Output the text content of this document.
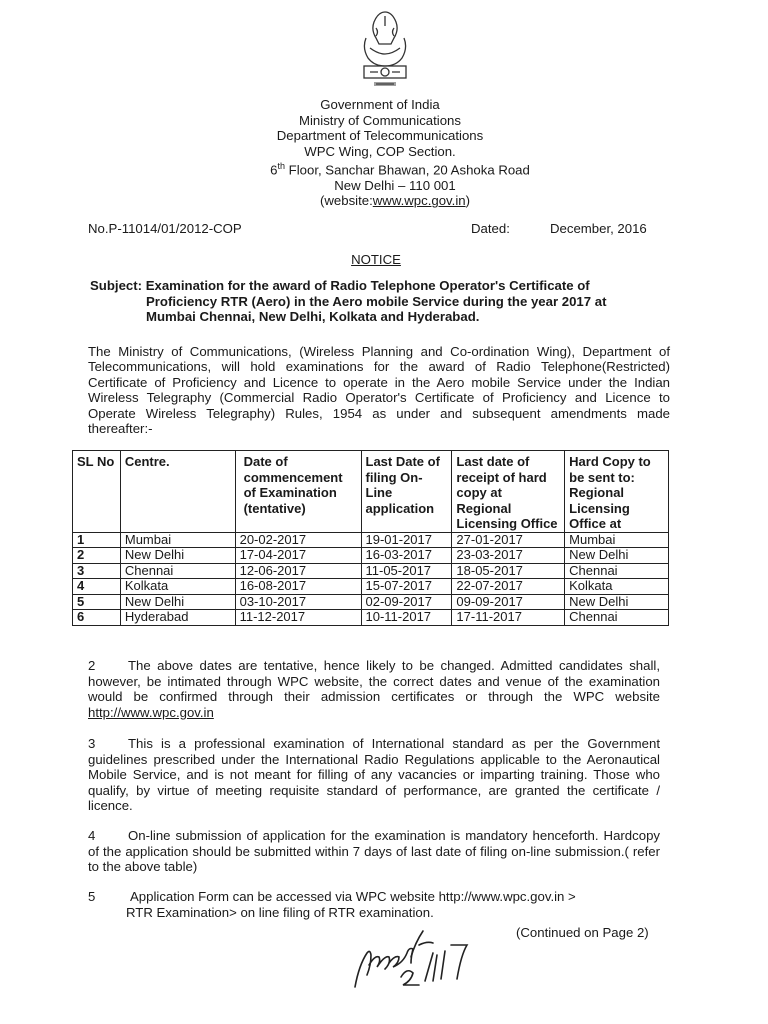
Government of India
Ministry of Communications
Department of Telecommunications
WPC Wing, COP Section.
6th Floor, Sanchar Bhawan, 20 Ashoka Road
New Delhi – 110 001
(website:www.wpc.gov.in)
No.P-11014/01/2012-COP	Dated:	December, 2016
NOTICE
Subject: Examination for the award of Radio Telephone Operator's Certificate of
Proficiency RTR (Aero) in the Aero mobile Service during the year 2017 at
Mumbai Chennai, New Delhi, Kolkata and Hyderabad.
The Ministry of Communications, (Wireless Planning and Co-ordination Wing), Department of Telecommunications, will hold examinations for the award of Radio Telephone(Restricted) Certificate of Proficiency and Licence to operate in the Aero mobile Service under the Indian Wireless Telegraphy (Commercial Radio Operator's Certificate of Proficiency and Licence to Operate Wireless Telegraphy) Rules, 1954 as under and subsequent amendments made thereafter:-
SL No	Centre.	Date of commencement of Examination (tentative)	Last Date of filing On-Line application	Last date of receipt of hard copy at Regional Licensing Office	Hard Copy to be sent to: Regional Licensing Office at
1	Mumbai	20-02-2017	19-01-2017	27-01-2017	Mumbai
2	New Delhi	17-04-2017	16-03-2017	23-03-2017	New Delhi
3	Chennai	12-06-2017	11-05-2017	18-05-2017	Chennai
4	Kolkata	16-08-2017	15-07-2017	22-07-2017	Kolkata
5	New Delhi	03-10-2017	02-09-2017	09-09-2017	New Delhi
6	Hyderabad	11-12-2017	10-11-2017	17-11-2017	Chennai
2 The above dates are tentative, hence likely to be changed. Admitted candidates shall, however, be intimated through WPC website, the correct dates and venue of the examination would be confirmed through their admission certificates or through the WPC website http://www.wpc.gov.in
3 This is a professional examination of International standard as per the Government guidelines prescribed under the International Radio Regulations applicable to the Aeronautical Mobile Service, and is not meant for filling of any vacancies or imparting training. Those who qualify, by virtue of meeting requisite standard of performance, are granted the certificate / licence.
4 On-line submission of application for the examination is mandatory henceforth. Hardcopy of the application should be submitted within 7 days of last date of filing on-line submission.( refer to the above table)
5	Application Form can be accessed via WPC website http://www.wpc.gov.in >
RTR Examination> on line filing of RTR examination.
(Continued on Page 2)
